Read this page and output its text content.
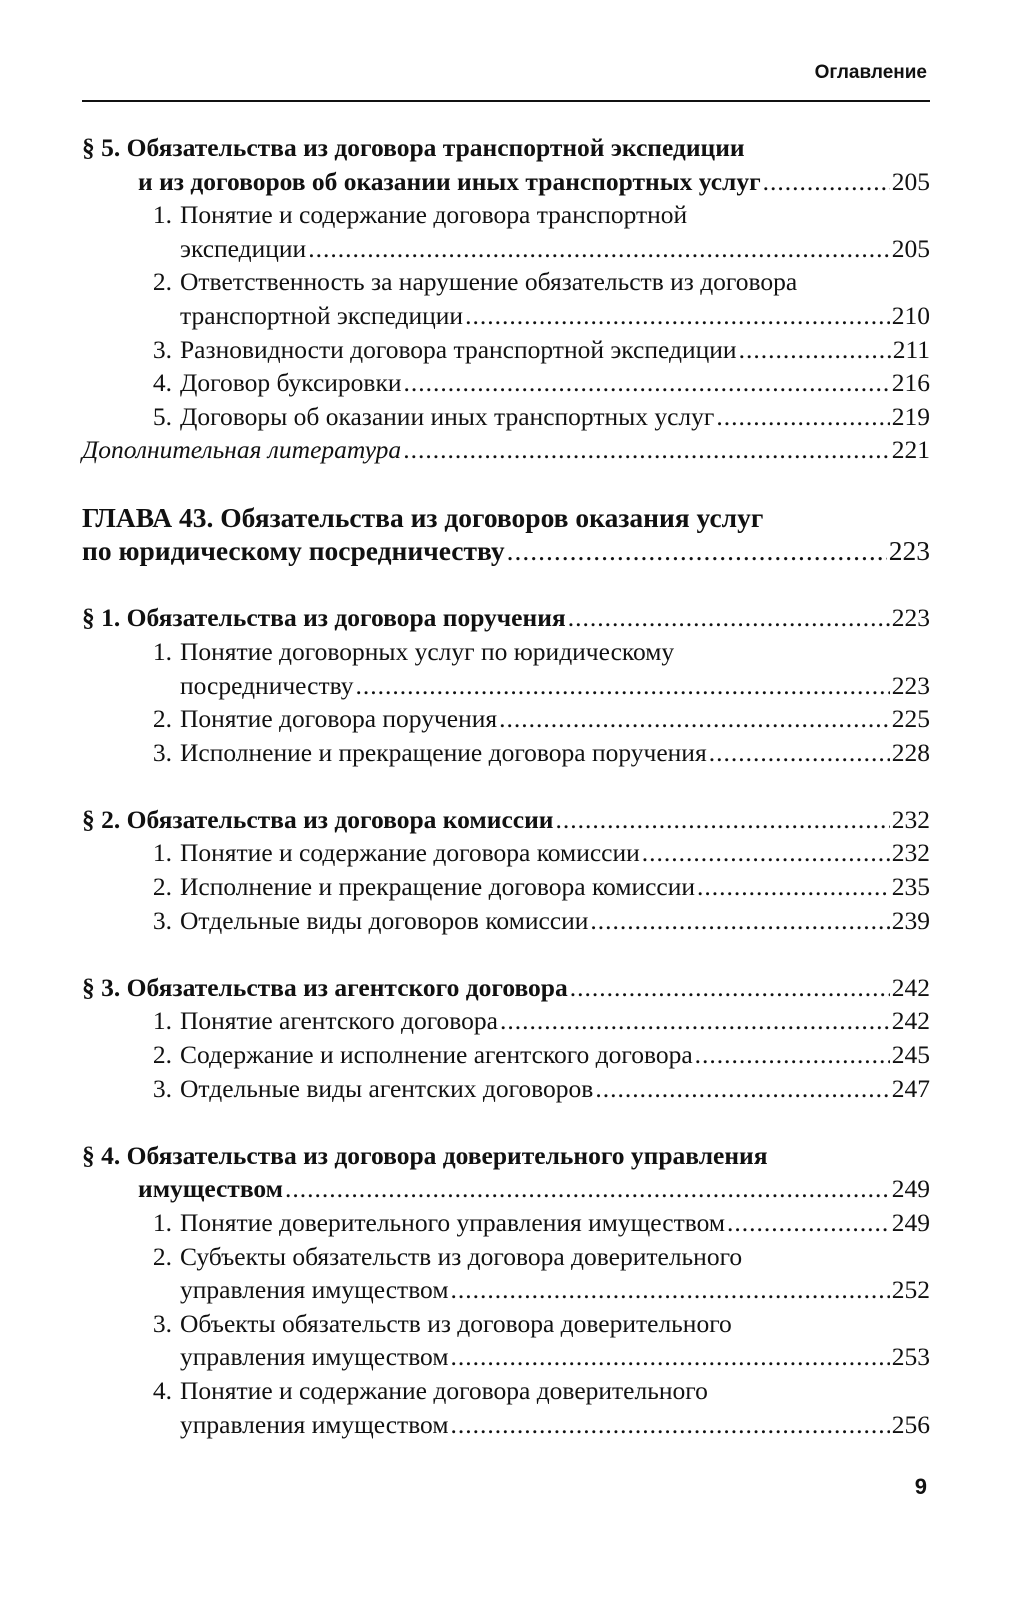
Оглавление
§ 5. Обязательства из договора транспортной экспедиции
и из договоров об оказании иных транспортных услуг .....	205
1. Понятие и содержание договора транспортной
экспедиции .....	205
2. Ответственность за нарушение обязательств из договора
транспортной экспедиции .....	210
3. Разновидности договора транспортной экспедиции .....	211
4. Договор буксировки .....	216
5. Договоры об оказании иных транспортных услуг .....	219
Дополнительная литература .....	221
ГЛАВА 43. Обязательства из договоров оказания услуг
по юридическому посредничеству .....	223
§ 1. Обязательства из договора поручения .....	223
1. Понятие договорных услуг по юридическому
посредничеству .....	223
2. Понятие договора поручения .....	225
3. Исполнение и прекращение договора поручения .....	228
§ 2. Обязательства из договора комиссии .....	232
1. Понятие и содержание договора комиссии .....	232
2. Исполнение и прекращение договора комиссии .....	235
3. Отдельные виды договоров комиссии .....	239
§ 3. Обязательства из агентского договора .....	242
1. Понятие агентского договора .....	242
2. Содержание и исполнение агентского договора .....	245
3. Отдельные виды агентских договоров .....	247
§ 4. Обязательства из договора доверительного управления
имуществом .....	249
1. Понятие доверительного управления имуществом .....	249
2. Субъекты обязательств из договора доверительного
управления имуществом .....	252
3. Объекты обязательств из договора доверительного
управления имуществом .....	253
4. Понятие и содержание договора доверительного
управления имуществом .....	256
9
